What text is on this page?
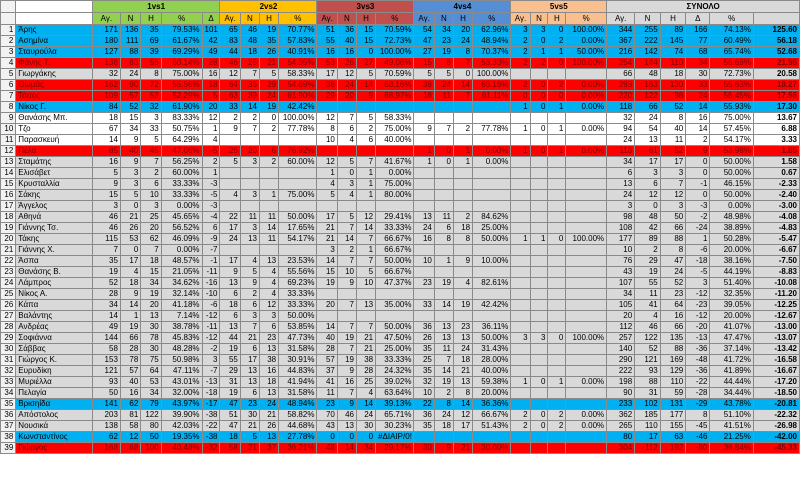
		1vs1					2vs2				3vs3				4vs4				5vs5				ΣΥΝΟΛΟ					
		Αγ.	Ν	Η	%	Δ	Αγ.	Ν	Η	%	Αγ.	Ν	Η	%	Αγ.	Ν	Η	%	Αγ.	Ν	Η	%	Αγ.	Ν	Η	Δ	%	
1	Άρης	171	136	35	79.53%	101	65	46	19	70.77%	51	36	15	70.59%	54	34	20	62.96%	3	3	0	100.00%	344	255	89	166	74.13%	125.60
2	Ασημίνα	180	111	69	61.67%	42	83	48	35	57.83%	55	40	15	72.73%	47	23	24	48.94%	2	0	2	0.00%	367	222	145	77	60.49%	56.18
3	Σταυρούλα	127	88	39	69.29%	49	44	18	26	40.91%	16	16	0	100.00%	27	19	8	70.37%	2	1	1	50.00%	216	142	74	68	65.74%	52.68
4	Φάνης Τ.	138	83	55	60.14%	28	46	25	21	54.35%	53	26	27	49.06%	15	8	7	53.33%	2	2	0	100.00%	254	144	110	34	56.69%	21.98
5	Γιωργάκης	32	24	8	75.00%	16	12	7	5	58.33%	17	12	5	70.59%	5	5	0	100.00%					66	48	18	30	72.73%	20.58
6	Θωμάς	162	90	72	55.56%	18	64	35	29	54.69%	38	24	14	63.16%	38	24	14	63.16%	2	0	2	0.00%	293	163	130	33	55.63%	18.27
7	Τάσος	109	57	52	52.29%	5	63	39	24	61.90%	29	20	9	68.97%	18	11	7	61.11%	0	0	0	0.00%	220	122	98	24	55.45%	17.56
8	Νίκος Γ.	84	52	32	61.90%	20	33	14	19	42.42%									1	0	1	0.00%	118	66	52	14	55.93%	17.30
9	Θανάσης Μπ.	18	15	3	83.33%	12	2	2	0	100.00%	12	7	5	58.33%									32	24	8	16	75.00%	13.67
10	Τζο	67	34	33	50.75%	1	9	7	2	77.78%	8	6	2	75.00%	9	7	2	77.78%	1	0	1	0.00%	94	54	40	14	57.45%	6.88
11	Παρασκευή	14	9	5	64.29%	4					10	4	6	40.00%									24	13	11	2	54.17%	3.33
12	Πέλα	85	40	45	47.06%	-5	26	20	6	76.92%					1	0	1	0.00%	1	0	1	0.00%	113	61	52	9	53.98%	1.85
13	Σταμάτης	16	9	7	56.25%	2	5	3	2	60.00%	12	5	7	41.67%	1	0	1	0.00%					34	17	17	0	50.00%	1.58
14	Ελισάβετ	5	3	2	60.00%	1					1	0	1	0.00%									6	3	3	0	50.00%	0.67
15	Κρυσταλλία	9	3	6	33.33%	-3					4	3	1	75.00%									13	6	7	-1	46.15%	-2.33
16	Σάκης	15	5	10	33.33%	-5	4	3	1	75.00%	5	4	1	80.00%									24	12	12	0	50.00%	-2.40
17	Άγγελος	3	0	3	0.00%	-3																	3	0	3	-3	0.00%	-3.00
18	Αθηνά	46	21	25	45.65%	-4	22	11	11	50.00%	17	5	12	29.41%	13	11	2	84.62%					98	48	50	-2	48.98%	-4.08
19	Γιάννης Τσ.	46	26	20	56.52%	6	17	3	14	17.65%	21	7	14	33.33%	24	6	18	25.00%					108	42	66	-24	38.89%	-4.83
20	Τάκης	115	53	62	46.09%	-9	24	13	11	54.17%	21	14	7	66.67%	16	8	8	50.00%	1	1	0	100.00%	177	89	88	1	50.28%	-5.47
21	Γιάννης Χ.	7	0	7	0.00%	-7					3	2	1	66.67%									10	2	8	-6	20.00%	-6.67
22	Άσπα	35	17	18	48.57%	-1	17	4	13	23.53%	14	7	7	50.00%	10	1	9	10.00%					76	29	47	-18	38.16%	-7.50
23	Θανάσης Β.	19	4	15	21.05%	-11	9	5	4	55.56%	15	10	5	66.67%									43	19	24	-5	44.19%	-8.83
24	Λάμπρος	52	18	34	34.62%	-16	13	9	4	69.23%	19	9	10	47.37%	23	19	4	82.61%					107	55	52	3	51.40%	-10.08
25	Νίκος Α.	28	9	19	32.14%	-10	6	2	4	33.33%													34	11	23	-12	32.35%	-11.20
26	Κάπα	34	14	20	41.18%	-6	18	6	12	33.33%	20	7	13	35.00%	33	14	19	42.42%					105	41	64	-23	39.05%	-12.25
27	Βαλάντης	14	1	13	7.14%	-12	6	3	3	50.00%													20	4	16	-12	20.00%	-12.67
28	Ανδρέας	49	19	30	38.78%	-11	13	7	6	53.85%	14	7	7	50.00%	36	13	23	36.11%					112	46	66	-20	41.07%	-13.00
29	Σοφιάννα	144	66	78	45.83%	-12	44	21	23	47.73%	40	19	21	47.50%	26	13	13	50.00%	3	3	0	100.00%	257	122	135	-13	47.47%	-13.07
30	Σάββας	58	28	30	48.28%	-2	19	6	13	31.58%	28	7	21	25.00%	35	11	24	31.43%					140	52	88	-36	37.14%	-13.42
31	Γιώργος Κ.	153	78	75	50.98%	3	55	17	38	30.91%	57	19	38	33.33%	25	7	18	28.00%					290	121	169	-48	41.72%	-16.58
32	Ευρυδίκη	121	57	64	47.11%	-7	29	13	16	44.83%	37	9	28	24.32%	35	14	21	40.00%					222	93	129	-36	41.89%	-16.67
33	Μυριέλλα	93	40	53	43.01%	-13	31	13	18	41.94%	41	16	25	39.02%	32	19	13	59.38%	1	0	1	0.00%	198	88	110	-22	44.44%	-17.20
34	Πελαγία	50	16	34	32.00%	-18	19	6	13	31.58%	11	7	4	63.64%	10	2	8	20.00%					90	31	59	-28	34.44%	-18.50
35	Βρισηίδα	141	62	79	43.97%	-17	47	23	24	48.94%	23	9	14	39.13%	22	8	14	36.36%					233	102	131	-29	43.78%	-20.81
36	Απόστολος	203	81	122	39.90%	-38	51	30	21	58.82%	70	46	24	65.71%	36	24	12	66.67%	2	0	2	0.00%	362	185	177	8	51.10%	-22.32
37	Νουσικά	138	58	80	42.03%	-22	47	21	26	44.68%	43	13	30	30.23%	35	18	17	51.43%	2	0	2	0.00%	265	110	155	-45	41.51%	-26.98
38	Κωνσταντίνος	62	12	50	19.35%	-38	18	5	13	27.78%	0	0	0	#ΔΙΑΙΡ/0!									80	17	63	-46	21.25%	-42.00
39	Γιώργος	168	68	100	40.48%	-32	58	21	37	36.21%	48	14	34	29.17%	30	9	21	30.00%					304	112	192	-80	36.84%	-45.33
